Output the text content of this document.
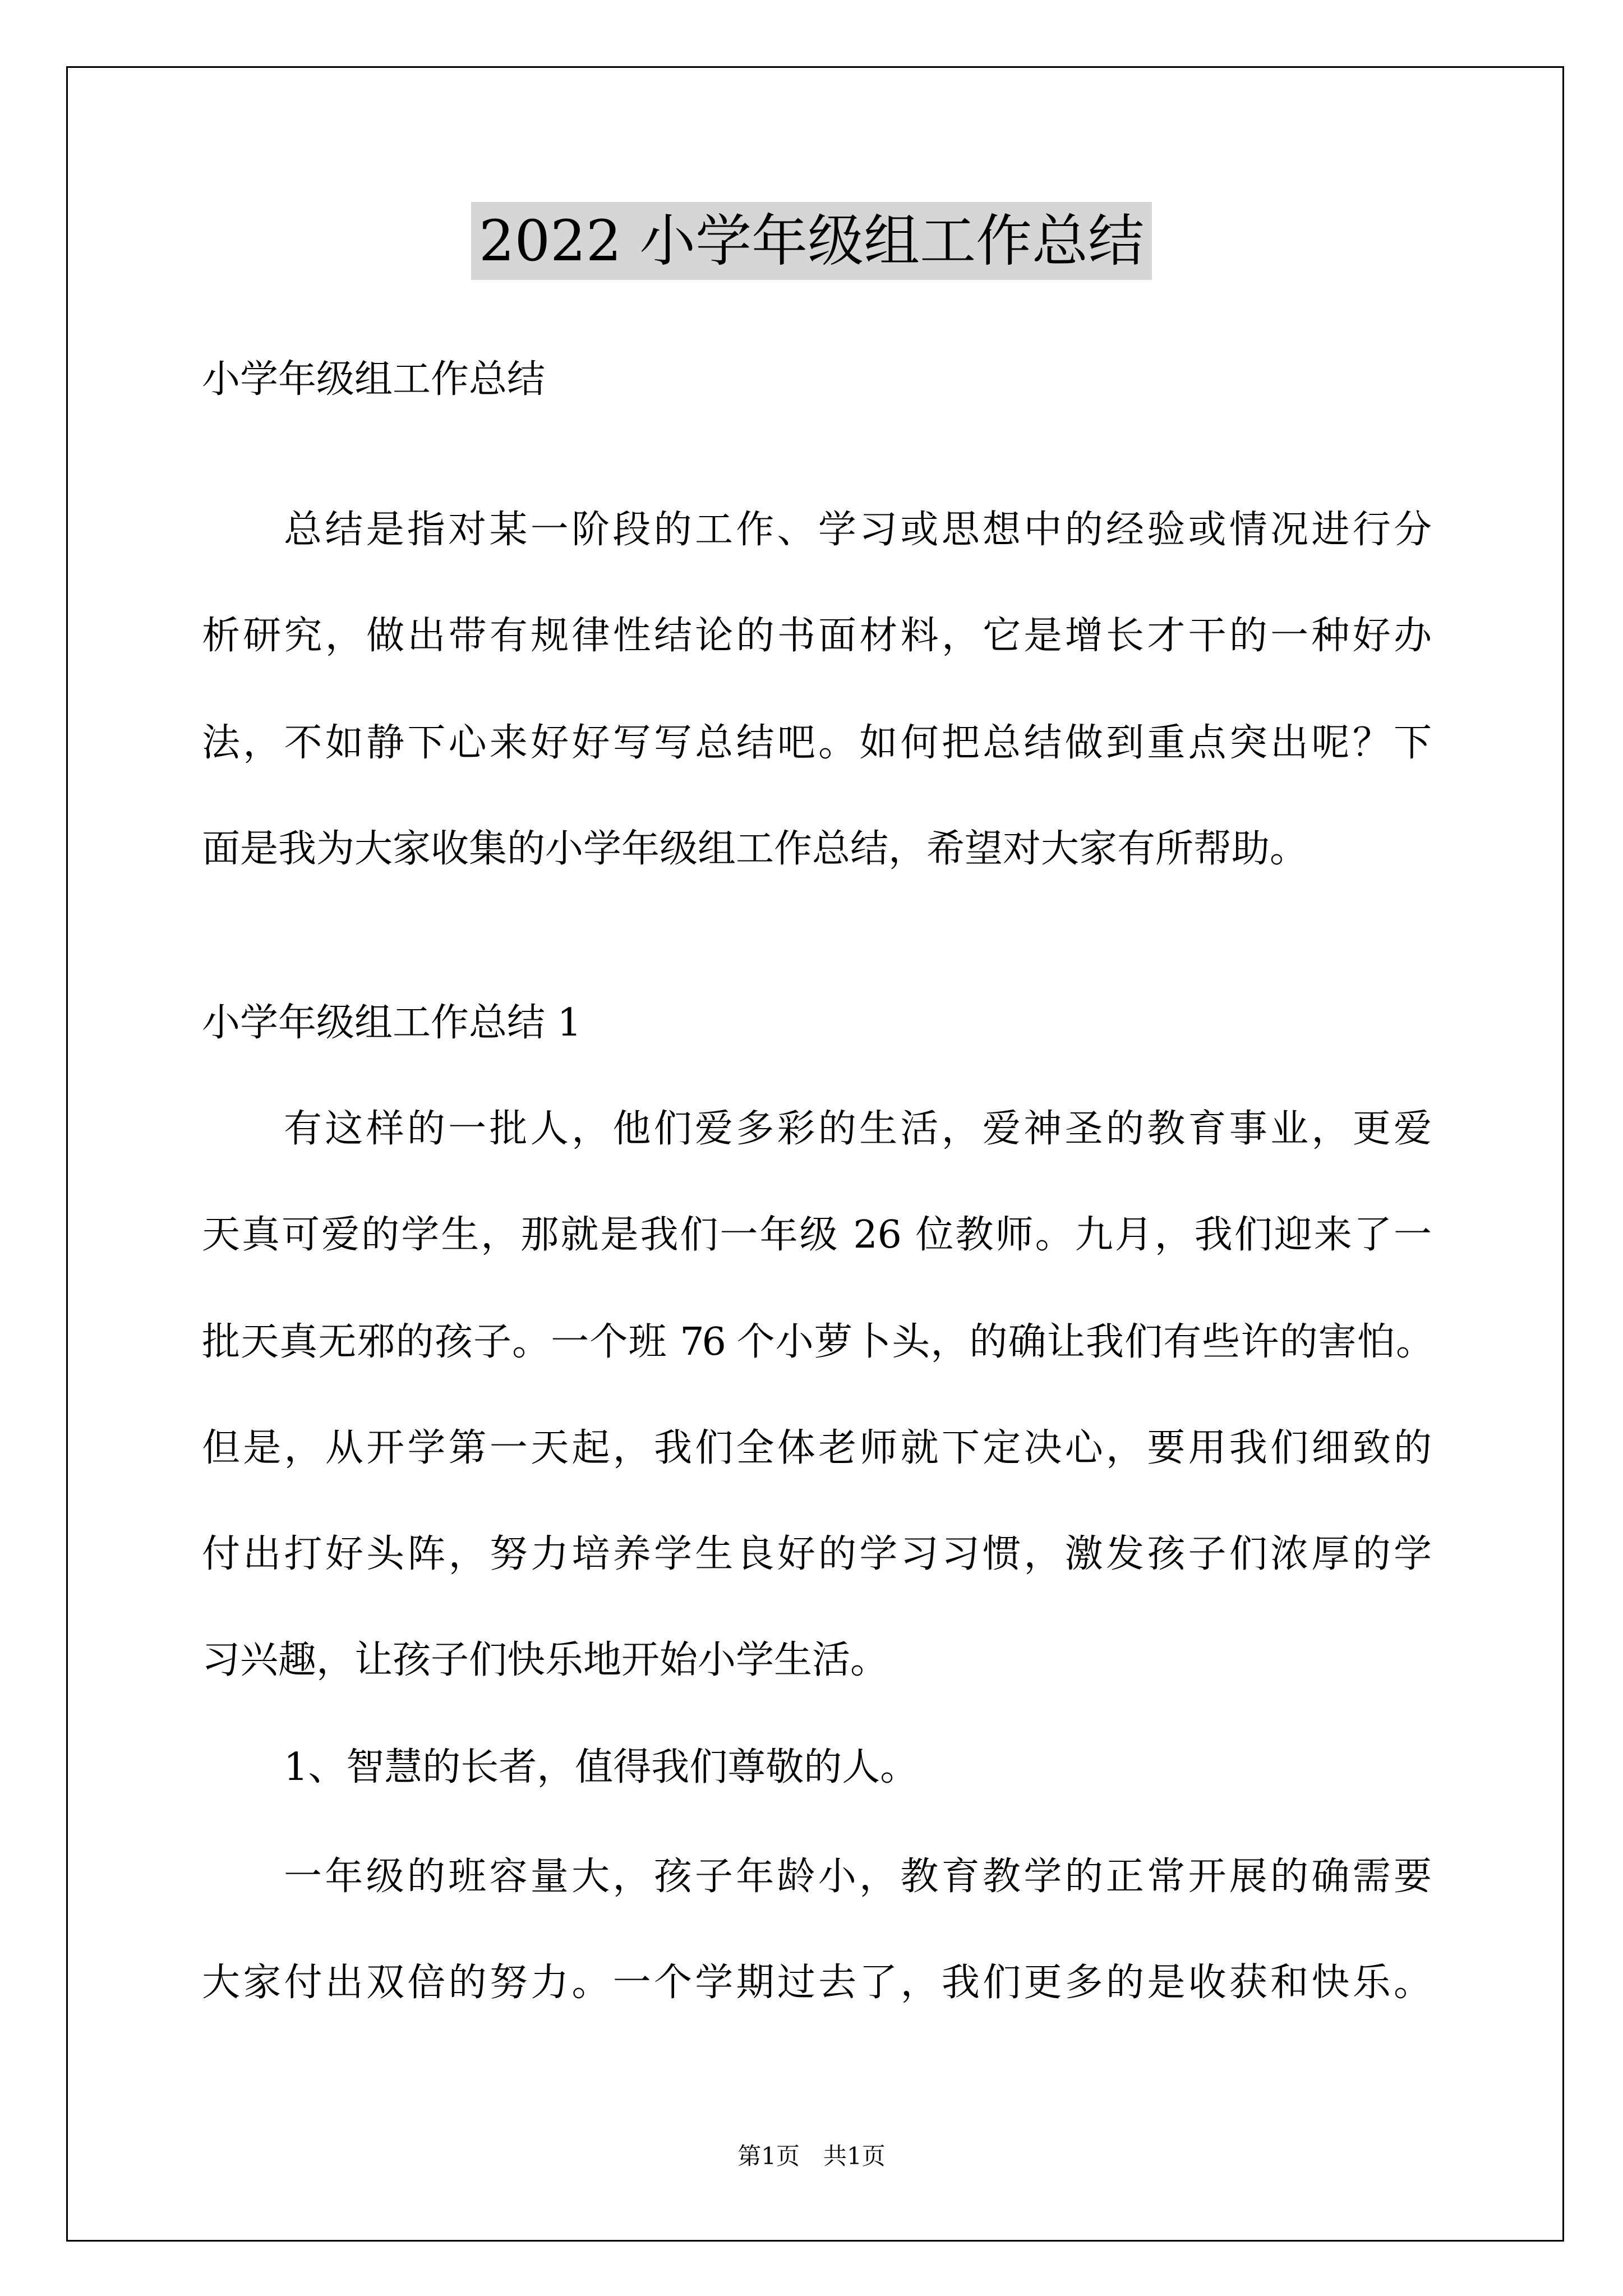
2022 小学年级组工作总结
小学年级组工作总结
总结是指对某一阶段的工作、学习或思想中的经验或情况进行分
析研究，做出带有规律性结论的书面材料，它是增长才干的一种好办
法，不如静下心来好好写写总结吧。如何把总结做到重点突出呢？下
面是我为大家收集的小学年级组工作总结，希望对大家有所帮助。
小学年级组工作总结 1
有这样的一批人，他们爱多彩的生活，爱神圣的教育事业，更爱
天真可爱的学生，那就是我们一年级 26 位教师。九月，我们迎来了一
批天真无邪的孩子。一个班 76 个小萝卜头，的确让我们有些许的害怕。
但是，从开学第一天起，我们全体老师就下定决心，要用我们细致的
付出打好头阵，努力培养学生良好的学习习惯，激发孩子们浓厚的学
习兴趣，让孩子们快乐地开始小学生活。
1、智慧的长者，值得我们尊敬的人。
一年级的班容量大，孩子年龄小，教育教学的正常开展的确需要
大家付出双倍的努力。一个学期过去了，我们更多的是收获和快乐。
第1页 共1页
